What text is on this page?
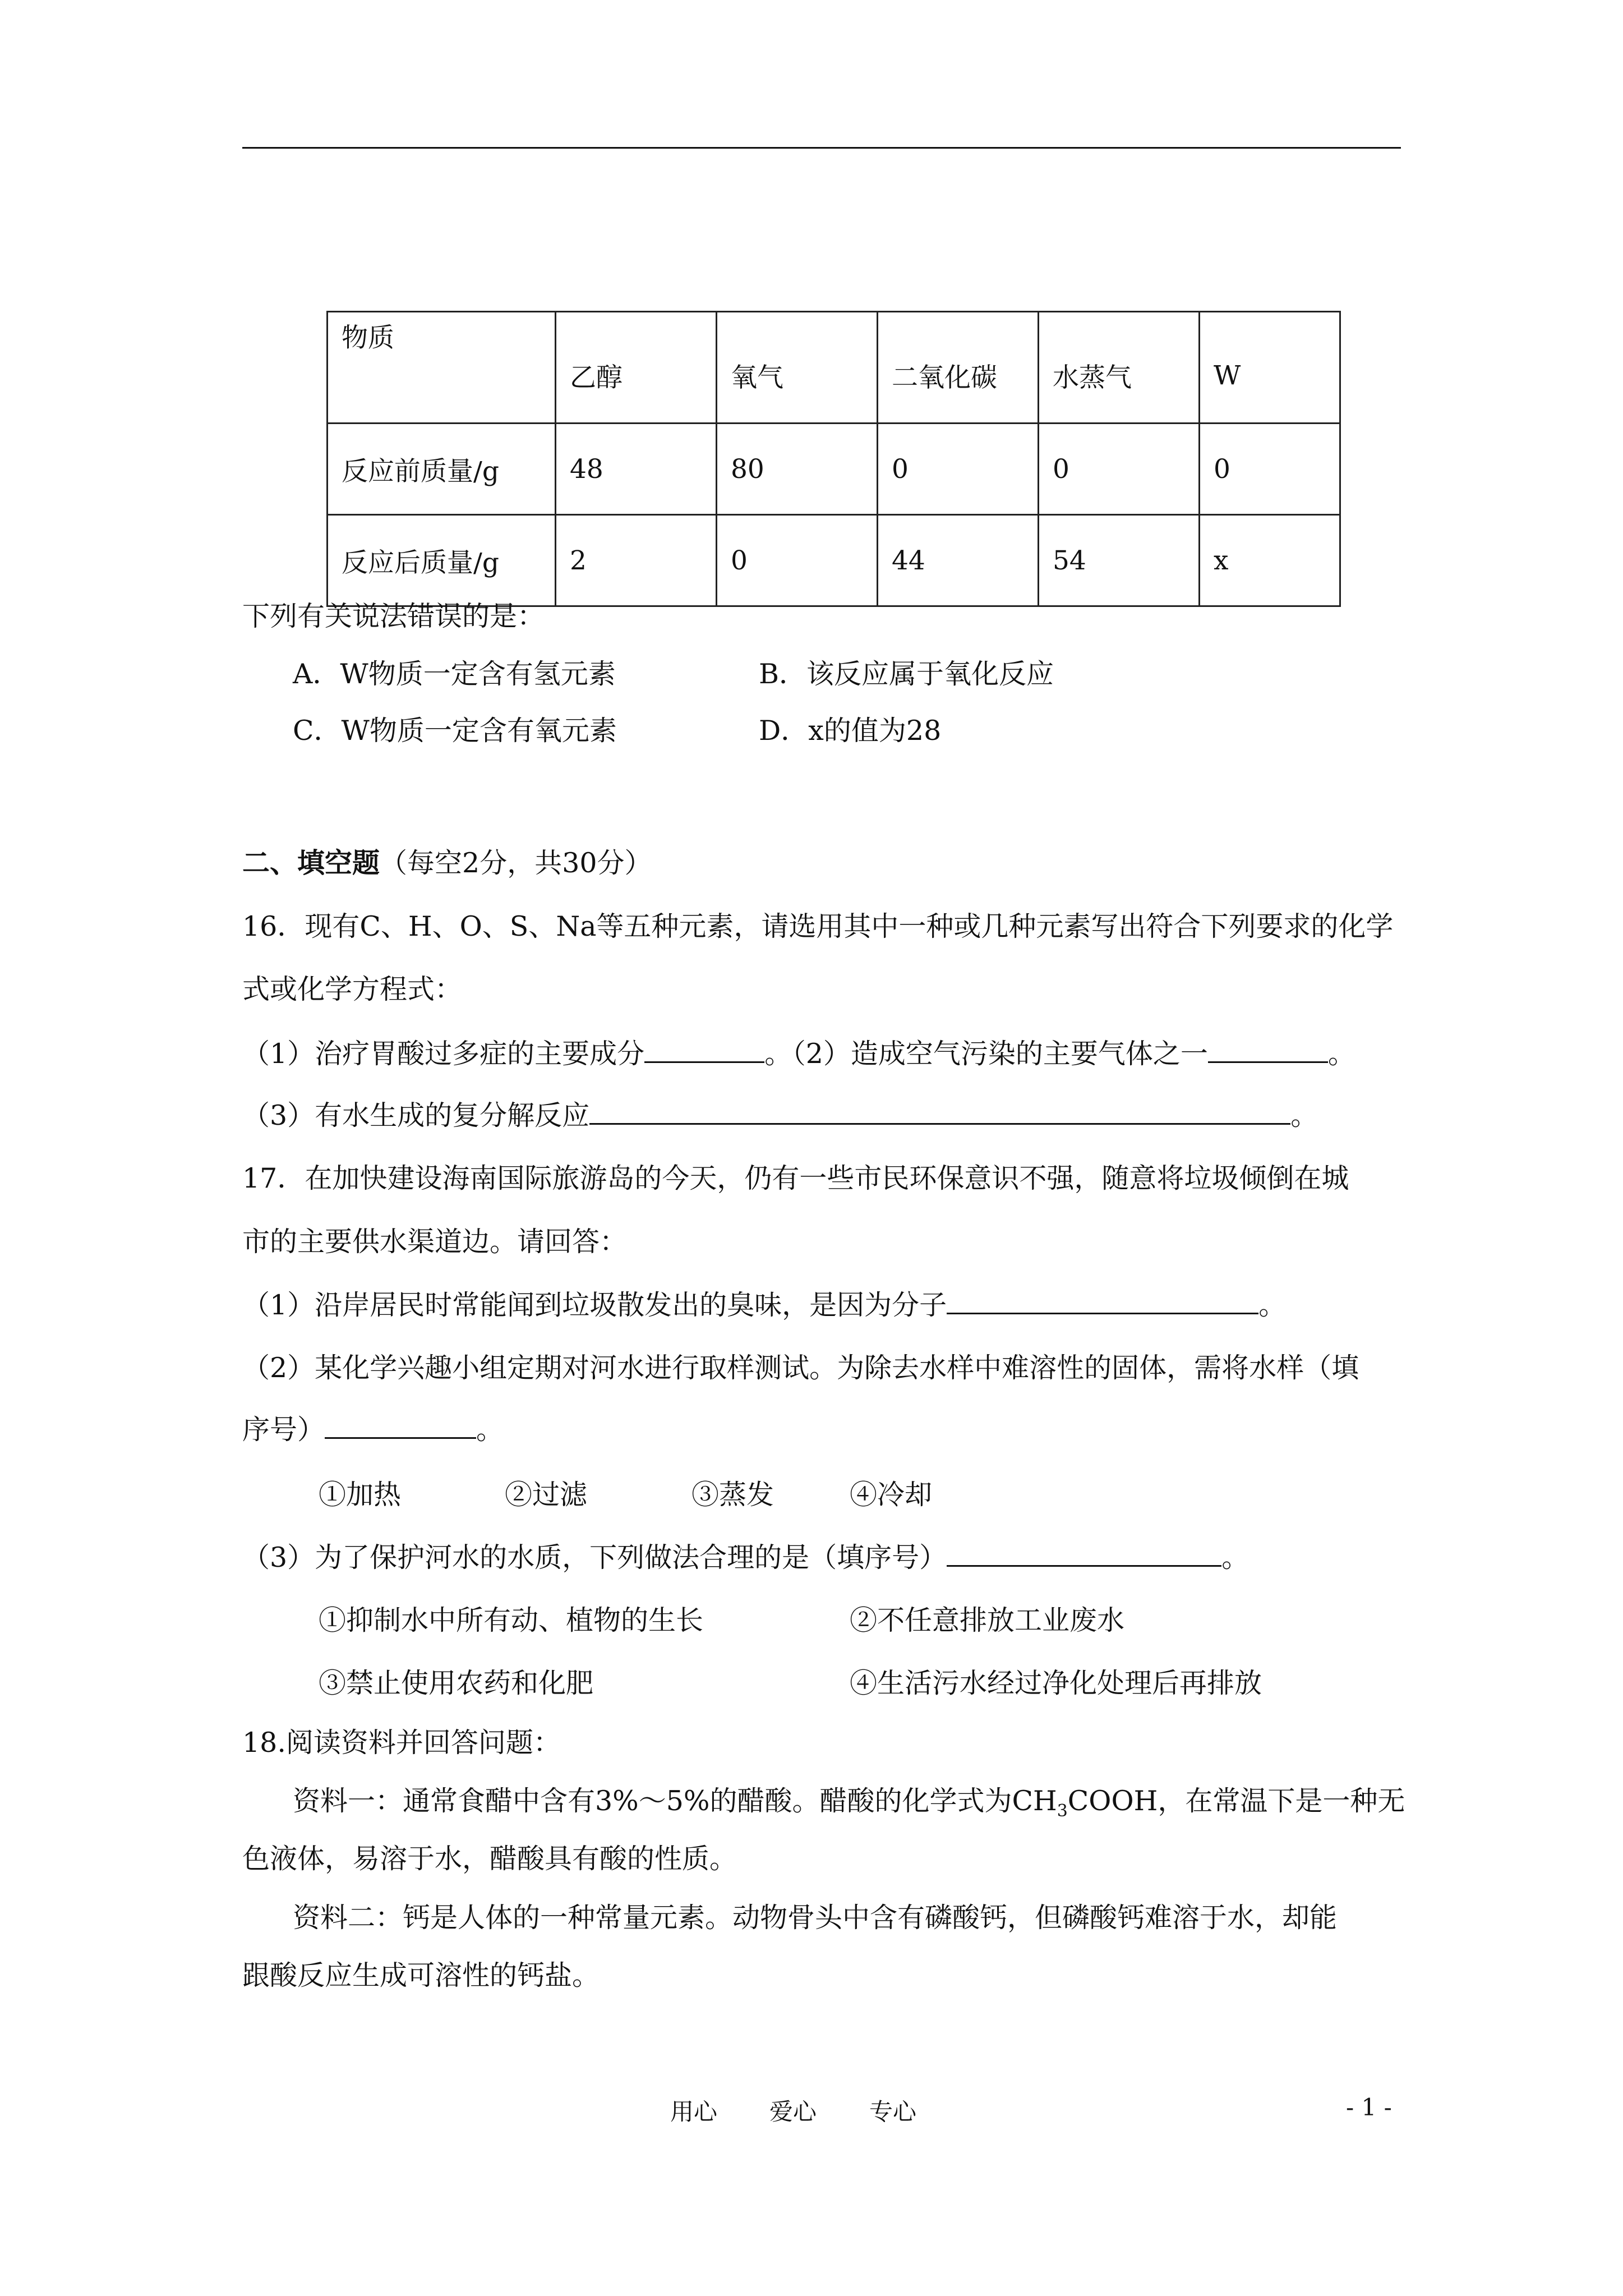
物质	乙醇	氧气	二氧化碳	水蒸气	W
反应前质量/g	48	80	0	0	0
反应后质量/g	2	0	44	54	x
下列有关说法错误的是：
A．W物质一定含有氢元素	B．该反应属于氧化反应
C．W物质一定含有氧元素	D．x的值为28
二、填空题（每空2分，共30分）
16．现有C、H、O、S、Na等五种元素，请选用其中一种或几种元素写出符合下列要求的化学
式或化学方程式：
（1）治疗胃酸过多症的主要成分	。（2）造成空气污染的主要气体之一	。
（3）有水生成的复分解反应	。
17．在加快建设海南国际旅游岛的今天，仍有一些市民环保意识不强，随意将垃圾倾倒在城
市的主要供水渠道边。请回答：
（1）沿岸居民时常能闻到垃圾散发出的臭味，是因为分子	。
（2）某化学兴趣小组定期对河水进行取样测试。为除去水样中难溶性的固体，需将水样（填
序号）	。
①加热	②过滤	③蒸发	④冷却
（3）为了保护河水的水质，下列做法合理的是（填序号）	。
①抑制水中所有动、植物的生长	②不任意排放工业废水
③禁止使用农药和化肥	④生活污水经过净化处理后再排放
18.阅读资料并回答问题：
资料一：通常食醋中含有3%～5%的醋酸。醋酸的化学式为$CH_3COOH$，在常温下是一种无
色液体，易溶于水，醋酸具有酸的性质。
资料二：钙是人体的一种常量元素。动物骨头中含有磷酸钙，但磷酸钙难溶于水，却能
跟酸反应生成可溶性的钙盐。
用心 爱心 专心	- 1 -
